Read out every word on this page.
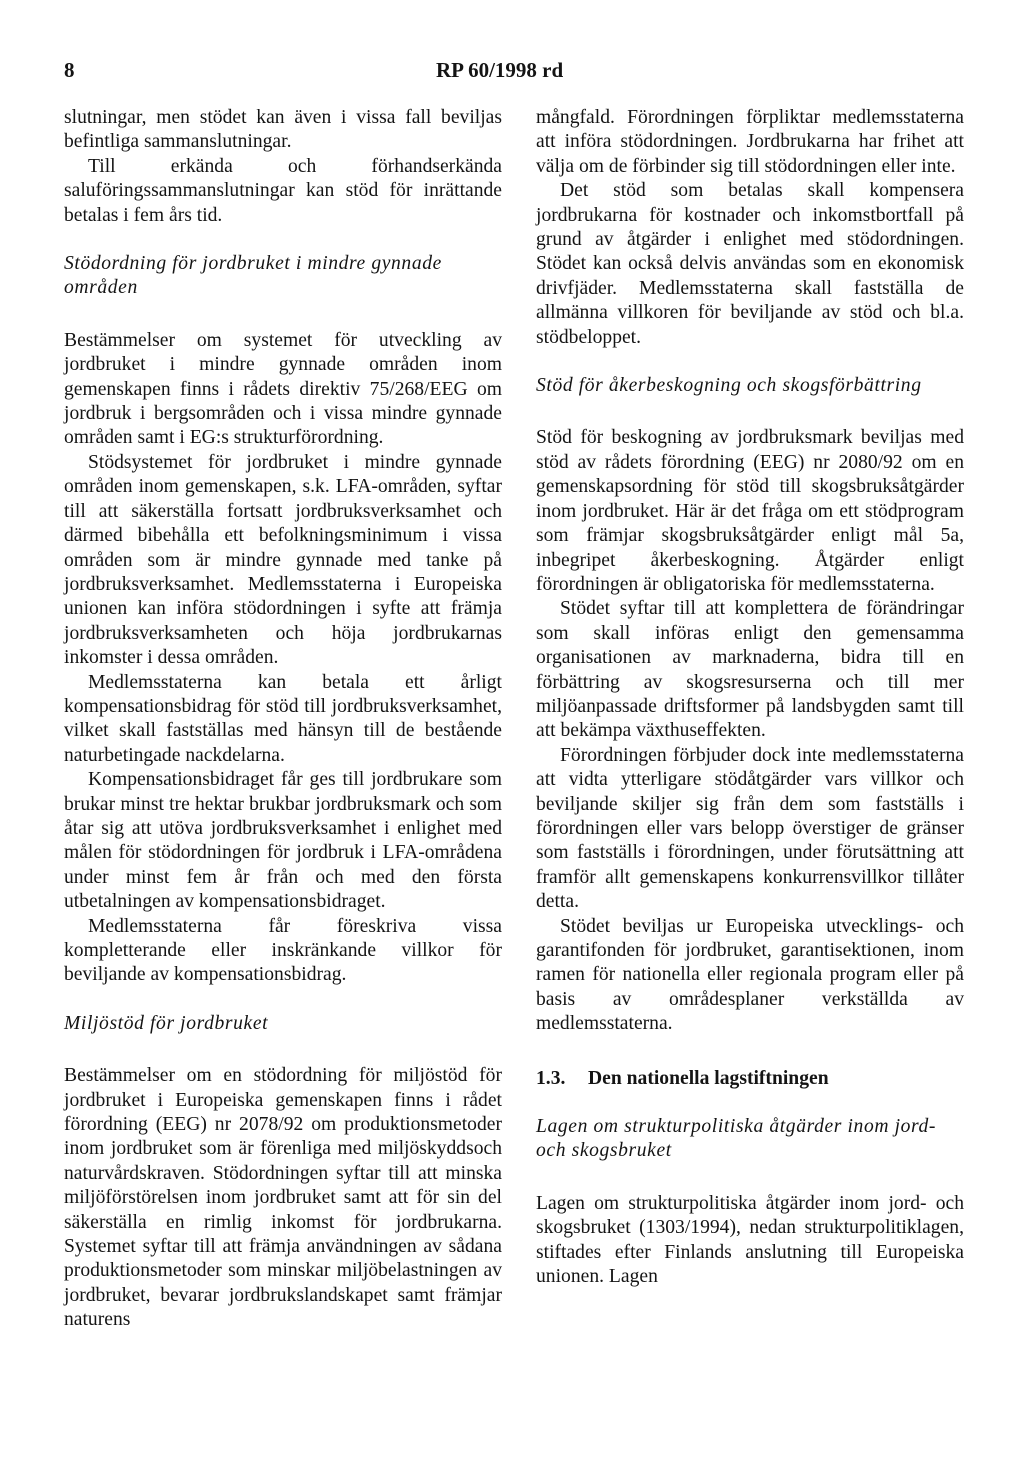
8	RP 60/1998 rd

slutningar, men stödet kan även i vissa fall beviljas befintliga sammanslutningar.

Till erkända och förhandserkända saluföringssammanslutningar kan stöd för inrättande betalas i fem års tid.

Stödordning för jordbruket i mindre gynnade områden

Bestämmelser om systemet för utveckling av jordbruket i mindre gynnade områden inom gemenskapen finns i rådets direktiv 75/268/EEG om jordbruk i bergsområden och i vissa mindre gynnade områden samt i EG:s strukturförordning.

Stödsystemet för jordbruket i mindre gynnade områden inom gemenskapen, s.k. LFA-områden, syftar till att säkerställa fortsatt jordbruksverksamhet och därmed bibehålla ett befolkningsminimum i vissa områden som är mindre gynnade med tanke på jordbruksverksamhet. Medlemsstaterna i Europeiska unionen kan införa stödordningen i syfte att främja jordbruksverksamheten och höja jordbrukarnas inkomster i dessa områden.

Medlemsstaterna kan betala ett årligt kompensationsbidrag för stöd till jordbruksverksamhet, vilket skall fastställas med hänsyn till de bestående naturbetingade nackdelarna.

Kompensationsbidraget får ges till jordbrukare som brukar minst tre hektar brukbar jordbruksmark och som åtar sig att utöva jordbruksverksamhet i enlighet med målen för stödordningen för jordbruk i LFA-områdena under minst fem år från och med den första utbetalningen av kompensationsbidraget.

Medlemsstaterna får föreskriva vissa kompletterande eller inskränkande villkor för beviljande av kompensationsbidrag.

Miljöstöd för jordbruket

Bestämmelser om en stödordning för miljöstöd för jordbruket i Europeiska gemenskapen finns i rådet förordning (EEG) nr 2078/92 om produktionsmetoder inom jordbruket som är förenliga med miljöskyddsoch naturvårdskraven. Stödordningen syftar till att minska miljöförstörelsen inom jordbruket samt att för sin del säkerställa en rimlig inkomst för jordbrukarna. Systemet syftar till att främja användningen av sådana produktionsmetoder som minskar miljöbelastningen av jordbruket, bevarar jordbrukslandskapet samt främjar naturens

mångfald. Förordningen förpliktar medlemsstaterna att införa stödordningen. Jordbrukarna har frihet att välja om de förbinder sig till stödordningen eller inte.

Det stöd som betalas skall kompensera jordbrukarna för kostnader och inkomstbortfall på grund av åtgärder i enlighet med stödordningen. Stödet kan också delvis användas som en ekonomisk drivfjäder. Medlemsstaterna skall fastställa de allmänna villkoren för beviljande av stöd och bl.a. stödbeloppet.

Stöd för åkerbeskogning och skogsförbättring

Stöd för beskogning av jordbruksmark beviljas med stöd av rådets förordning (EEG) nr 2080/92 om en gemenskapsordning för stöd till skogsbruksåtgärder inom jordbruket. Här är det fråga om ett stödprogram som främjar skogsbruksåtgärder enligt mål 5a, inbegripet åkerbeskogning. Åtgärder enligt förordningen är obligatoriska för medlemsstaterna.

Stödet syftar till att komplettera de förändringar som skall införas enligt den gemensamma organisationen av marknaderna, bidra till en förbättring av skogsresurserna och till mer miljöanpassade driftsformer på landsbygden samt till att bekämpa växthuseffekten.

Förordningen förbjuder dock inte medlemsstaterna att vidta ytterligare stödåtgärder vars villkor och beviljande skiljer sig från dem som fastställs i förordningen eller vars belopp överstiger de gränser som fastställs i förordningen, under förutsättning att framför allt gemenskapens konkurrensvillkor tillåter detta.

Stödet beviljas ur Europeiska utvecklings- och garantifonden för jordbruket, garantisektionen, inom ramen för nationella eller regionala program eller på basis av områdesplaner verkställda av medlemsstaterna.

1.3. Den nationella lagstiftningen

Lagen om strukturpolitiska åtgärder inom jord- och skogsbruket

Lagen om strukturpolitiska åtgärder inom jord- och skogsbruket (1303/1994), nedan strukturpolitiklagen, stiftades efter Finlands anslutning till Europeiska unionen. Lagen
